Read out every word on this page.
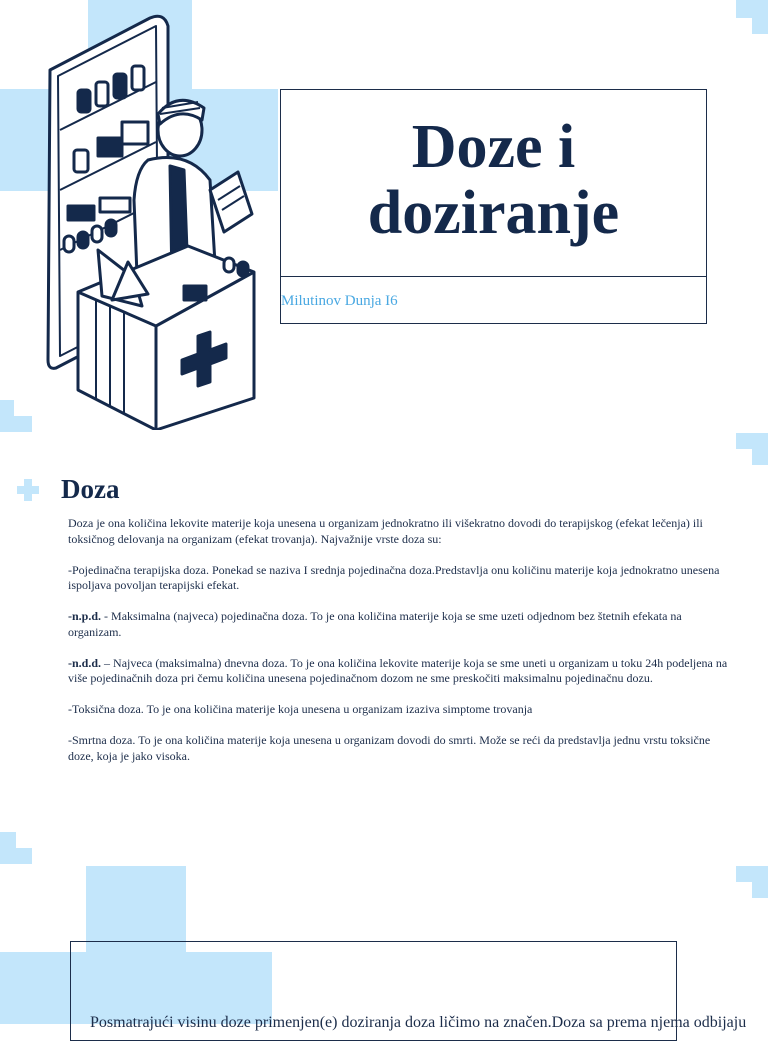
Doze i
doziranje
Milutinov Dunja I6
Doza

Doza je ona količina lekovite materije koja unesena u organizam jednokratno ili višekratno dovodi do terapijskog (efekat lečenja) ili toksičnog delovanja na organizam (efekat trovanja). Najvažnije vrste doza su:

-Pojedinačna terapijska doza. Ponekad se naziva I srednja pojedinačna doza.Predstavlja onu količinu materije koja jednokratno unesena ispoljava povoljan terapijski efekat.

-n.p.d. - Maksimalna (najveca) pojedinačna doza. To je ona količina materije koja se sme uzeti odjednom bez štetnih efekata na organizam.

-n.d.d. – Najveca (maksimalna) dnevna doza. To je ona količina lekovite materije koja se sme uneti u organizam u toku 24h podeljena na više pojedinačnih doza pri čemu količina unesena pojedinačnom dozom ne sme preskočiti maksimalnu pojedinačnu dozu.

-Toksična doza. To je ona količina materije koja unesena u organizam izaziva simptome trovanja

-Smrtna doza. To je ona količina materije koja unesena u organizam dovodi do smrti. Može se reći da predstavlja jednu vrstu toksične doze, koja je jako visoka.

Posmatrajući visinu doze primenjen(e) doziranja doza ličimo na značen.Doza sa prema njema odbijaju
